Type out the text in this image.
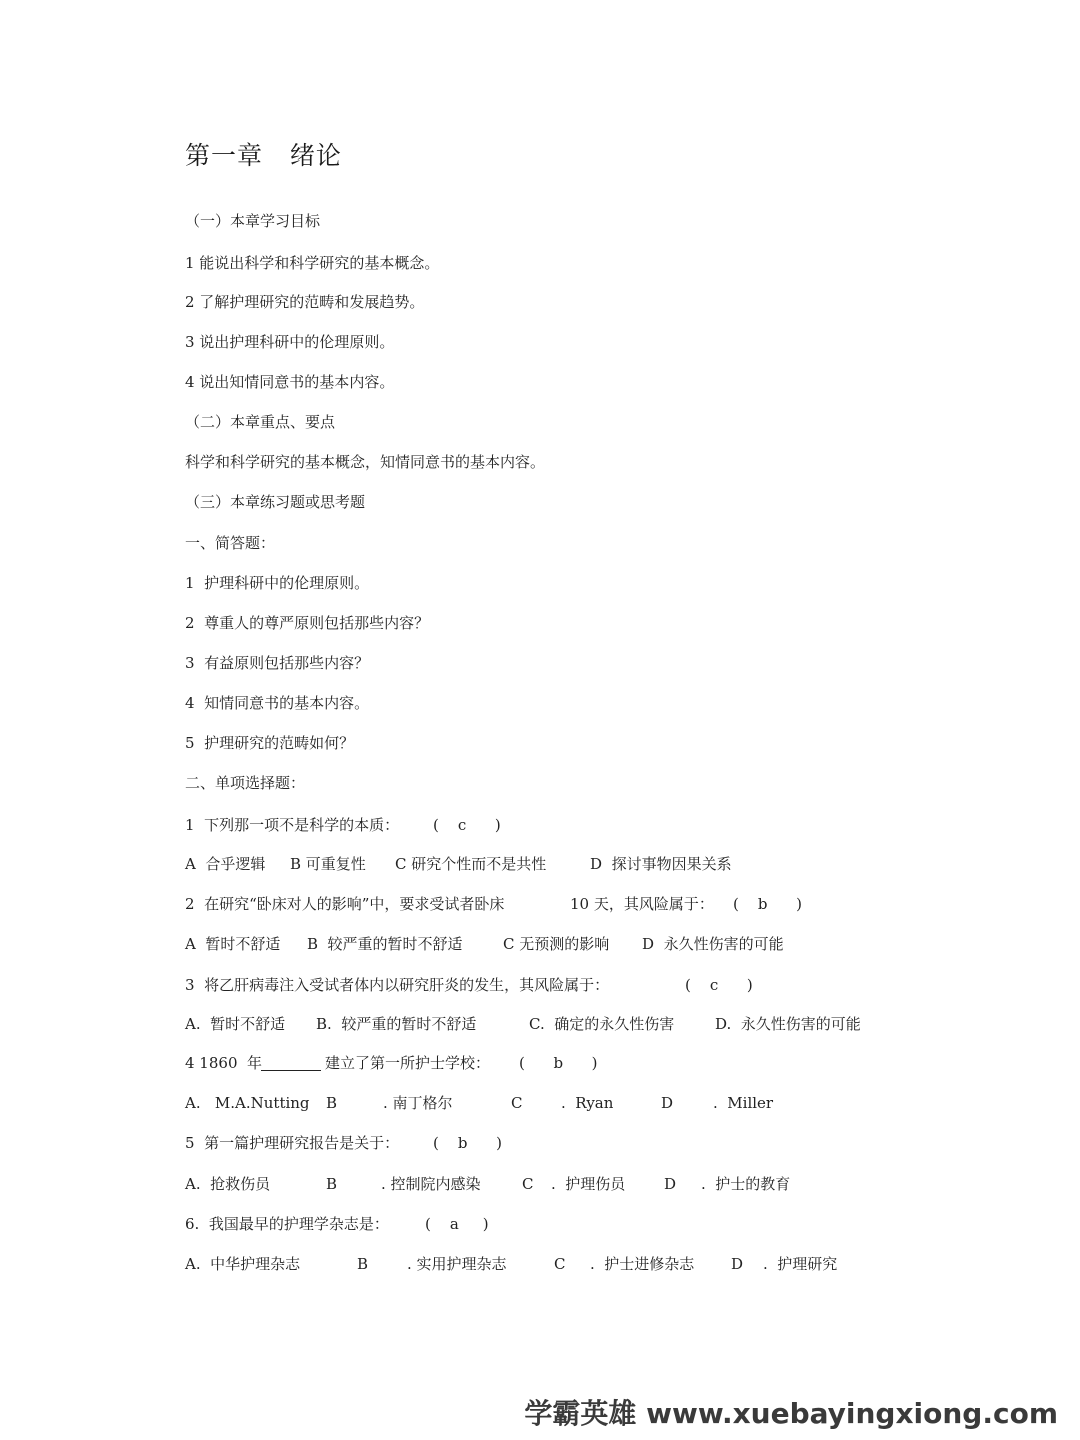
第一章   绪论
（一）本章学习目标
1 能说出科学和科学研究的基本概念。
2 了解护理研究的范畴和发展趋势。
3 说出护理科研中的伦理原则。
4 说出知情同意书的基本内容。
（二）本章重点、要点
科学和科学研究的基本概念，知情同意书的基本内容。
（三）本章练习题或思考题
一、简答题：
1  护理科研中的伦理原则。
2  尊重人的尊严原则包括那些内容？
3  有益原则包括那些内容？
4  知情同意书的基本内容。
5  护理研究的范畴如何？
二、单项选择题：
1  下列那一项不是科学的本质： (    c      )
A  合乎逻辑 B 可重复性 C 研究个性而不是共性	D  探讨事物因果关系
2  在研究“卧床对人的影响”中，要求受试者卧床	10 天，其风险属于： (    b      )
A  暂时不舒适 B  较严重的暂时不舒适	C 无预测的影响 D  永久性伤害的可能
3  将乙肝病毒注入受试者体内以研究肝炎的发生，其风险属于：	(    c      )
A.  暂时不舒适 B.  较严重的暂时不舒适	C.  确定的永久性伤害	D.  永久性伤害的可能
4 1860  年	建立了第一所护士学校： (      b      )
A.   M.A.Nutting B	. 南丁格尔	C	.  Ryan	D	.  Miller
5  第一篇护理研究报告是关于： (    b      )
A.  抢救伤员	B	. 控制院内感染	C .  护理伤员	D .  护士的教育
6.  我国最早的护理学杂志是： (    a     )
A.  中华护理杂志	B	. 实用护理杂志	C .  护士进修杂志 D .  护理研究
学霸英雄 www.xuebayingxiong.com
